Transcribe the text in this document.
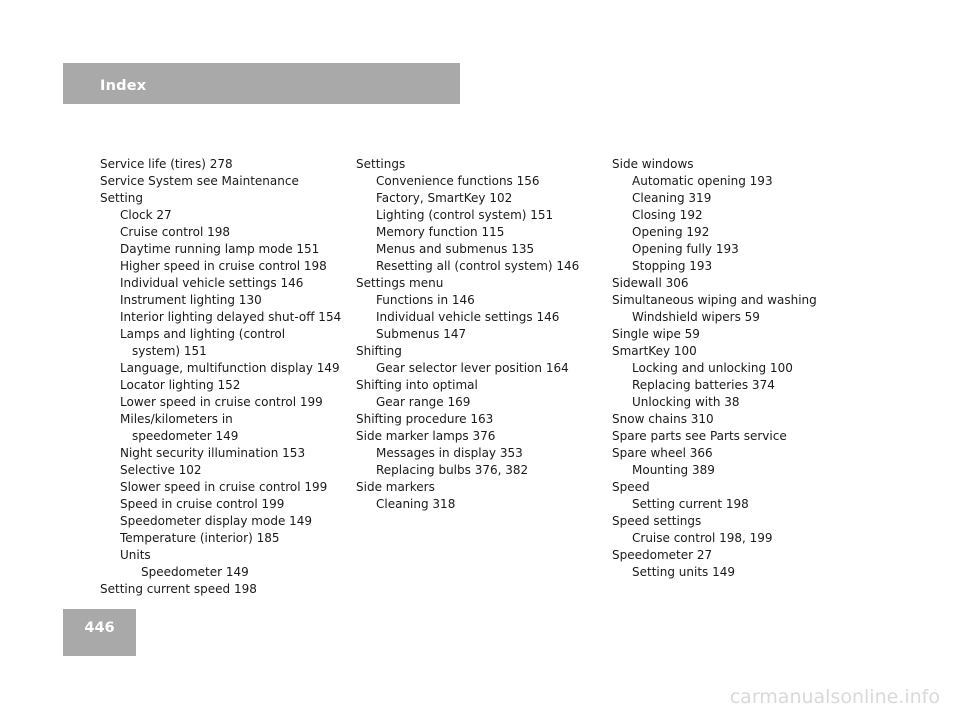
Index
Service life (tires) 278
Service System see Maintenance
Setting
Clock 27
Cruise control 198
Daytime running lamp mode 151
Higher speed in cruise control 198
Individual vehicle settings 146
Instrument lighting 130
Interior lighting delayed shut-off 154
Lamps and lighting (control
system) 151
Language, multifunction display 149
Locator lighting 152
Lower speed in cruise control 199
Miles/kilometers in
speedometer 149
Night security illumination 153
Selective 102
Slower speed in cruise control 199
Speed in cruise control 199
Speedometer display mode 149
Temperature (interior) 185
Units
Speedometer 149
Setting current speed 198
Settings
Convenience functions 156
Factory, SmartKey 102
Lighting (control system) 151
Memory function 115
Menus and submenus 135
Resetting all (control system) 146
Settings menu
Functions in 146
Individual vehicle settings 146
Submenus 147
Shifting
Gear selector lever position 164
Shifting into optimal
Gear range 169
Shifting procedure 163
Side marker lamps 376
Messages in display 353
Replacing bulbs 376, 382
Side markers
Cleaning 318
Side windows
Automatic opening 193
Cleaning 319
Closing 192
Opening 192
Opening fully 193
Stopping 193
Sidewall 306
Simultaneous wiping and washing
Windshield wipers 59
Single wipe 59
SmartKey 100
Locking and unlocking 100
Replacing batteries 374
Unlocking with 38
Snow chains 310
Spare parts see Parts service
Spare wheel 366
Mounting 389
Speed
Setting current 198
Speed settings
Cruise control 198, 199
Speedometer 27
Setting units 149
446
carmanualsonline.info
